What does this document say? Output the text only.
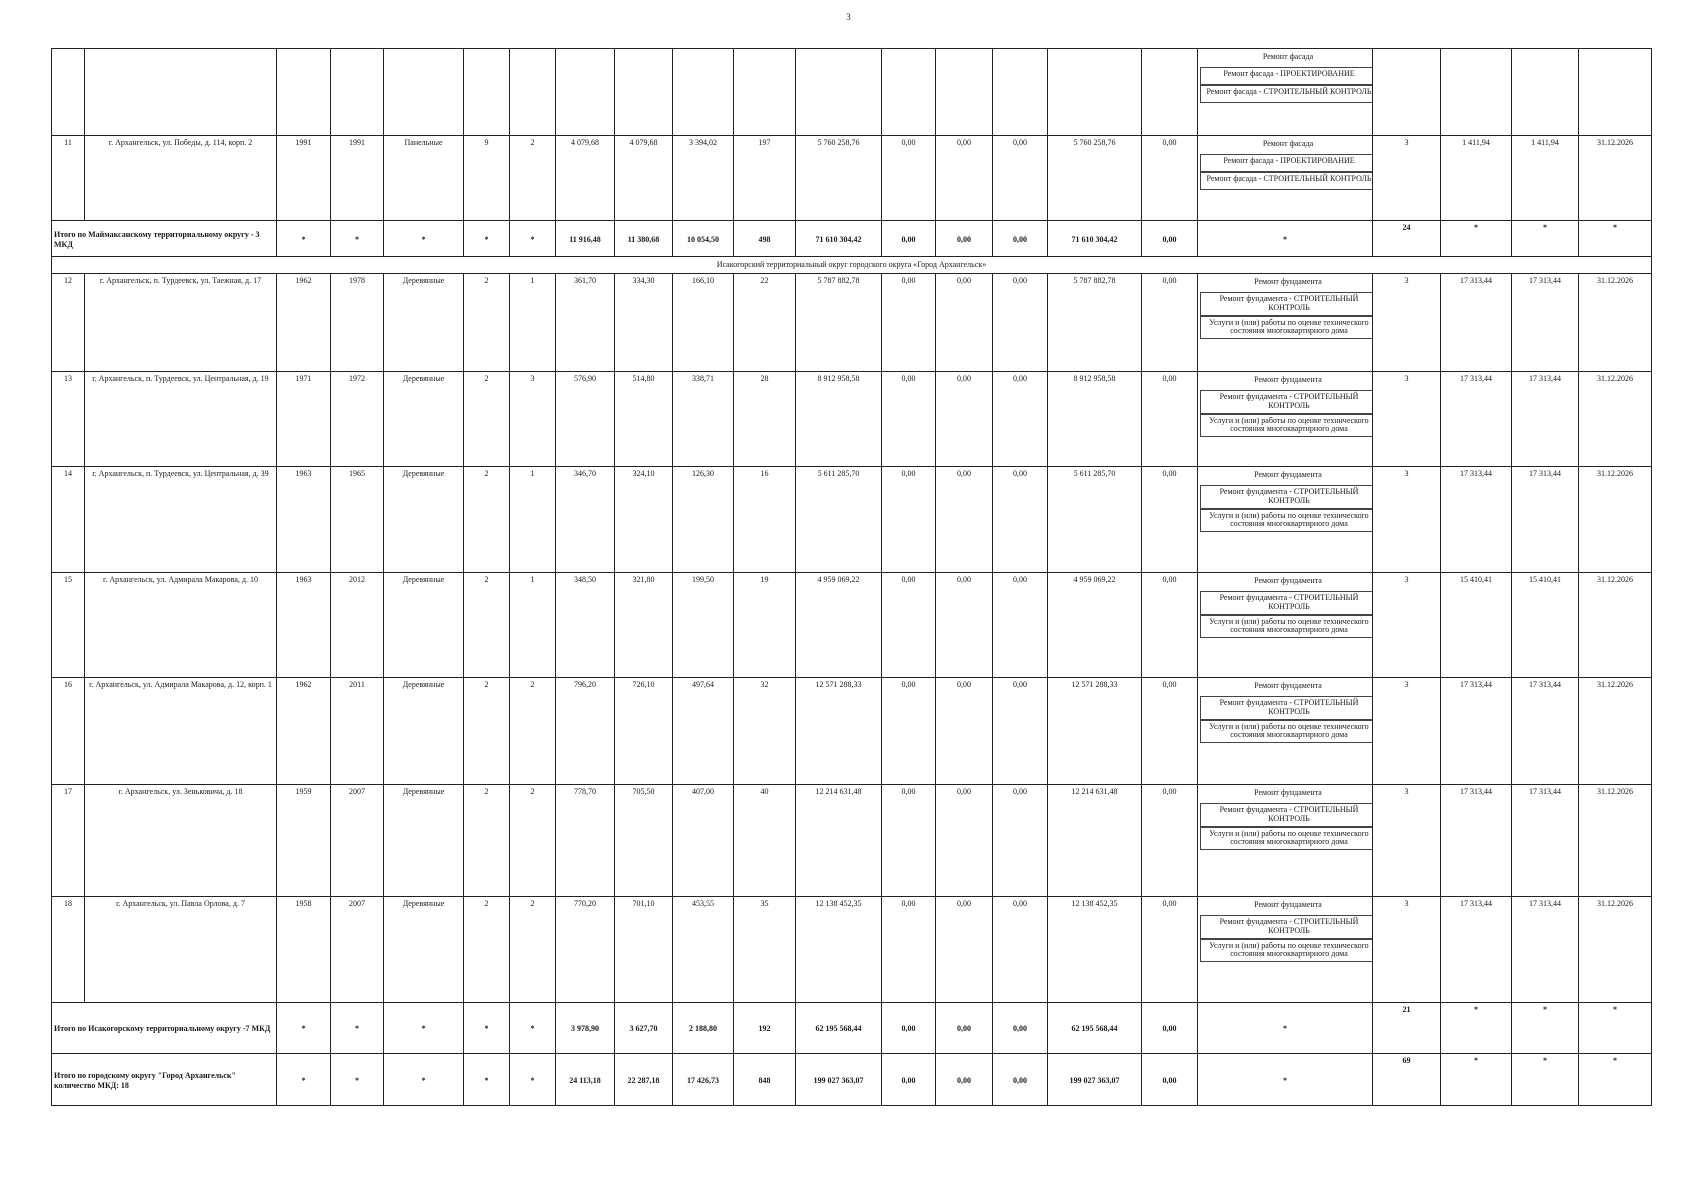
3

																	Ремонт фасада
Ремонт фасада - ПРОЕКТИРОВАНИЕ
Ремонт фасада - СТРОИТЕЛЬНЫЙ КОНТРОЛЬ				

11	г. Архангельск, ул. Победы, д. 114, корп. 2	1991	1991	Панельные	9	2	4 079,68	4 079,68	3 394,02	197	5 760 258,76	0,00	0,00	0,00	5 760 258,76	0,00	Ремонт фасада
Ремонт фасада - ПРОЕКТИРОВАНИЕ
Ремонт фасада - СТРОИТЕЛЬНЫЙ КОНТРОЛЬ	3	1 411,94	1 411,94	31.12.2026
Итого по Маймаксанскому территориальному округу - 3 МКД		*	*	*	*	*	11 916,48	11 380,68	10 054,50	498	71 610 304,42	0,00	0,00	0,00	71 610 304,42	0,00	*	24	*	*	*
Исакогорский территориальный округ городского округа «Город Архангельск»																					
12	г. Архангельск, п. Турдеевск, ул. Таежная, д. 17	1962	1978	Деревянные	2	1	361,70	334,30	166,10	22	5 787 882,78	0,00	0,00	0,00	5 787 882,78	0,00	Ремонт фундамента
Ремонт фундамента - СТРОИТЕЛЬНЫЙ КОНТРОЛЬ
Услуги и (или) работы по оценке технического состояния многоквартирного дома	3	17 313,44	17 313,44	31.12.2026
13	г. Архангельск, п. Турдеевск, ул. Центральная, д. 19	1971	1972	Деревянные	2	3	576,90	514,80	338,71	28	8 912 958,58	0,00	0,00	0,00	8 912 958,58	0,00	Ремонт фундамента
Ремонт фундамента - СТРОИТЕЛЬНЫЙ КОНТРОЛЬ
Услуги и (или) работы по оценке технического состояния многоквартирного дома	3	17 313,44	17 313,44	31.12.2026
14	г. Архангельск, п. Турдеевск, ул. Центральная, д. 39	1963	1965	Деревянные	2	1	346,70	324,10	126,30	16	5 611 285,70	0,00	0,00	0,00	5 611 285,70	0,00	Ремонт фундамента
Ремонт фундамента - СТРОИТЕЛЬНЫЙ КОНТРОЛЬ
Услуги и (или) работы по оценке технического состояния многоквартирного дома	3	17 313,44	17 313,44	31.12.2026
15	г. Архангельск, ул. Адмирала Макарова, д. 10	1963	2012	Деревянные	2	1	348,50	321,80	199,50	19	4 959 069,22	0,00	0,00	0,00	4 959 069,22	0,00	Ремонт фундамента
Ремонт фундамента - СТРОИТЕЛЬНЫЙ КОНТРОЛЬ
Услуги и (или) работы по оценке технического состояния многоквартирного дома	3	15 410,41	15 410,41	31.12.2026
16	г. Архангельск, ул. Адмирала Макарова, д. 12, корп. 1	1962	2011	Деревянные	2	2	796,20	726,10	497,64	32	12 571 288,33	0,00	0,00	0,00	12 571 288,33	0,00	Ремонт фундамента
Ремонт фундамента - СТРОИТЕЛЬНЫЙ КОНТРОЛЬ
Услуги и (или) работы по оценке технического состояния многоквартирного дома	3	17 313,44	17 313,44	31.12.2026
17	г. Архангельск, ул. Зеньковича, д. 18	1959	2007	Деревянные	2	2	778,70	705,50	407,00	40	12 214 631,48	0,00	0,00	0,00	12 214 631,48	0,00	Ремонт фундамента
Ремонт фундамента - СТРОИТЕЛЬНЫЙ КОНТРОЛЬ
Услуги и (или) работы по оценке технического состояния многоквартирного дома	3	17 313,44	17 313,44	31.12.2026
18	г. Архангельск, ул. Павла Орлова, д. 7	1958	2007	Деревянные	2	2	770,20	701,10	453,55	35	12 138 452,35	0,00	0,00	0,00	12 138 452,35	0,00	Ремонт фундамента
Ремонт фундамента - СТРОИТЕЛЬНЫЙ КОНТРОЛЬ
Услуги и (или) работы по оценке технического состояния многоквартирного дома	3	17 313,44	17 313,44	31.12.2026
Итого по Исакогорскому территориальному округу -7 МКД		*	*	*	*	*	3 978,90	3 627,70	2 188,80	192	62 195 568,44	0,00	0,00	0,00	62 195 568,44	0,00	*	21	*	*	*
Итого по городскому округу "Город Архангельск" количество МКД: 18		*	*	*	*	*	24 113,18	22 287,18	17 426,73	848	199 027 363,07	0,00	0,00	0,00	199 027 363,07	0,00	*	69	*	*	*
